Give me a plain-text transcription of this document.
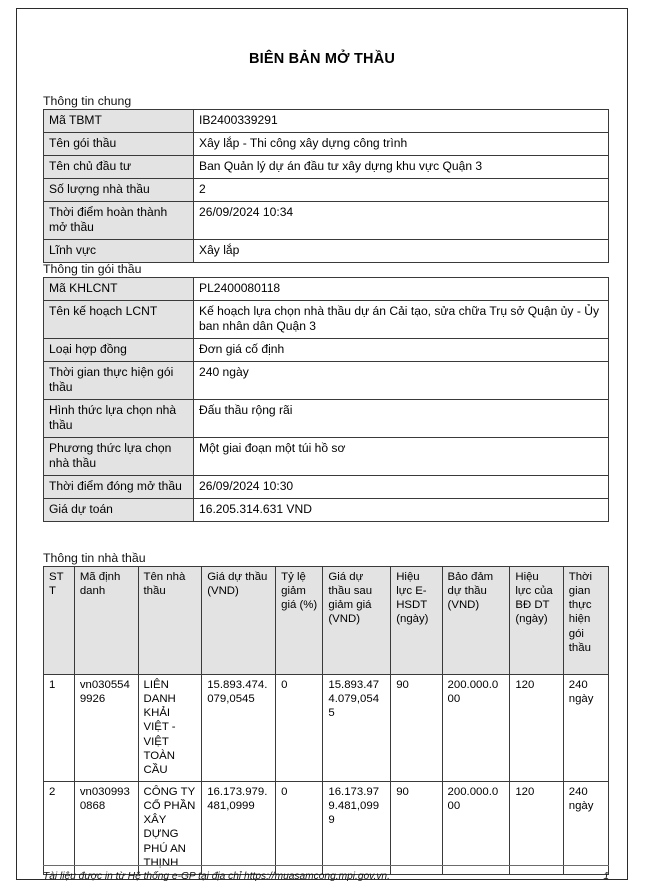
BIÊN BẢN MỞ THẦU
Thông tin chung
Mã TBMT	IB2400339291
Tên gói thầu	Xây lắp - Thi công xây dựng công trình
Tên chủ đầu tư	Ban Quản lý dự án đầu tư xây dựng khu vực Quận 3
Số lượng nhà thầu	2
Thời điểm hoàn thành mở thầu	26/09/2024 10:34
Lĩnh vực	Xây lắp
Thông tin gói thầu
Mã KHLCNT	PL2400080118
Tên kế hoạch LCNT	Kế hoạch lựa chọn nhà thầu dự án Cải tạo, sửa chữa Trụ sở Quận ủy - Ủy ban nhân dân Quận 3
Loại hợp đồng	Đơn giá cố định
Thời gian thực hiện gói thầu	240 ngày
Hình thức lựa chọn nhà thầu	Đấu thầu rộng rãi
Phương thức lựa chọn nhà thầu	Một giai đoạn một túi hồ sơ
Thời điểm đóng mở thầu	26/09/2024 10:30
Giá dự toán	16.205.314.631 VND
Thông tin nhà thầu
STT	Mã định danh	Tên nhà thầu	Giá dự thầu (VND)	Tỷ lệ giảm giá (%)	Giá dự thầu sau giảm giá (VND)	Hiệu lực E-HSDT (ngày)	Bảo đảm dự thầu (VND)	Hiệu lực của BĐ DT (ngày)	Thời gian thực hiện gói thầu
1	vn0305549926	LIÊN DANH KHẢI VIỆT - VIỆT TOÀN CẦU	15.893.474.079,0545	0	15.893.474.079,0545	90	200.000.000	120	240 ngày
2	vn0309930868	CÔNG TY CỔ PHẦN XÂY DỰNG PHÚ AN THỊNH	16.173.979.481,0999	0	16.173.979.481,0999	90	200.000.000	120	240 ngày
Tài liệu được in từ Hệ thống e-GP tại địa chỉ https://muasamcong.mpi.gov.vn.	1
